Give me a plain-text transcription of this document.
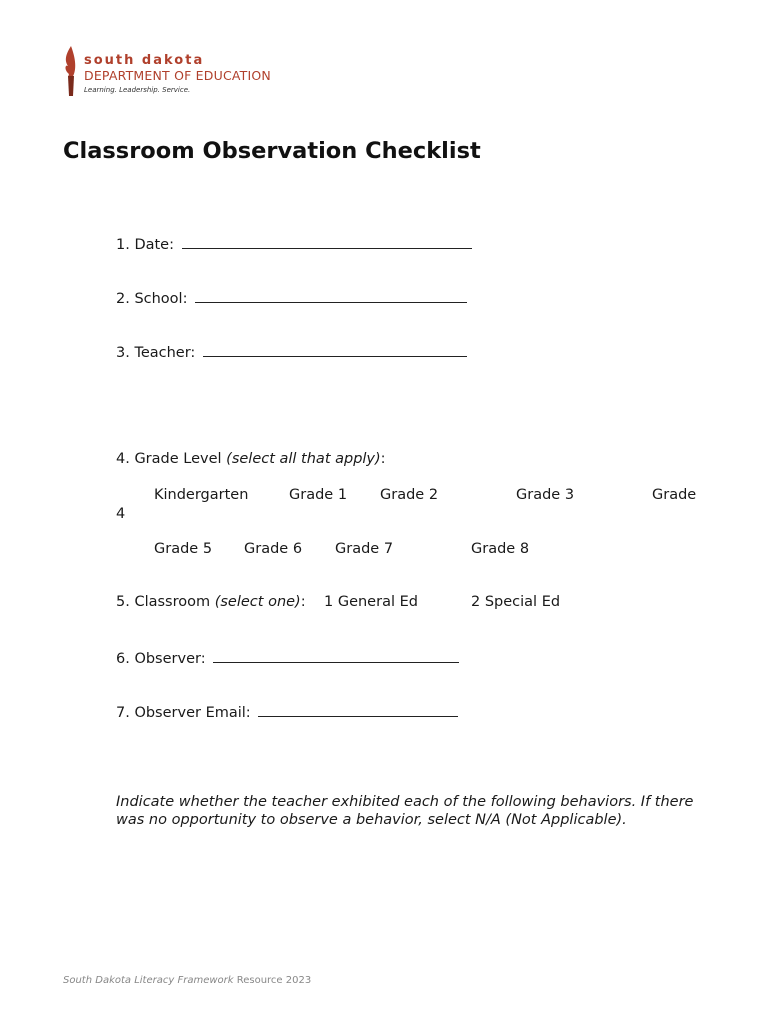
south dakota
DEPARTMENT OF EDUCATION
Learning. Leadership. Service.
Classroom Observation Checklist
1. Date:
2. School:
3. Teacher:
4. Grade Level (select all that apply):
Kindergarten	Grade 1 Grade 2	Grade 3	Grade
4
Grade 5 Grade 6 Grade 7	Grade 8
5. Classroom (select one): 1 General Ed	2 Special Ed
6. Observer:
7. Observer Email:
Indicate whether the teacher exhibited each of the following behaviors. If there was no opportunity to observe a behavior, select N/A (Not Applicable).
South Dakota Literacy Framework Resource 2023
